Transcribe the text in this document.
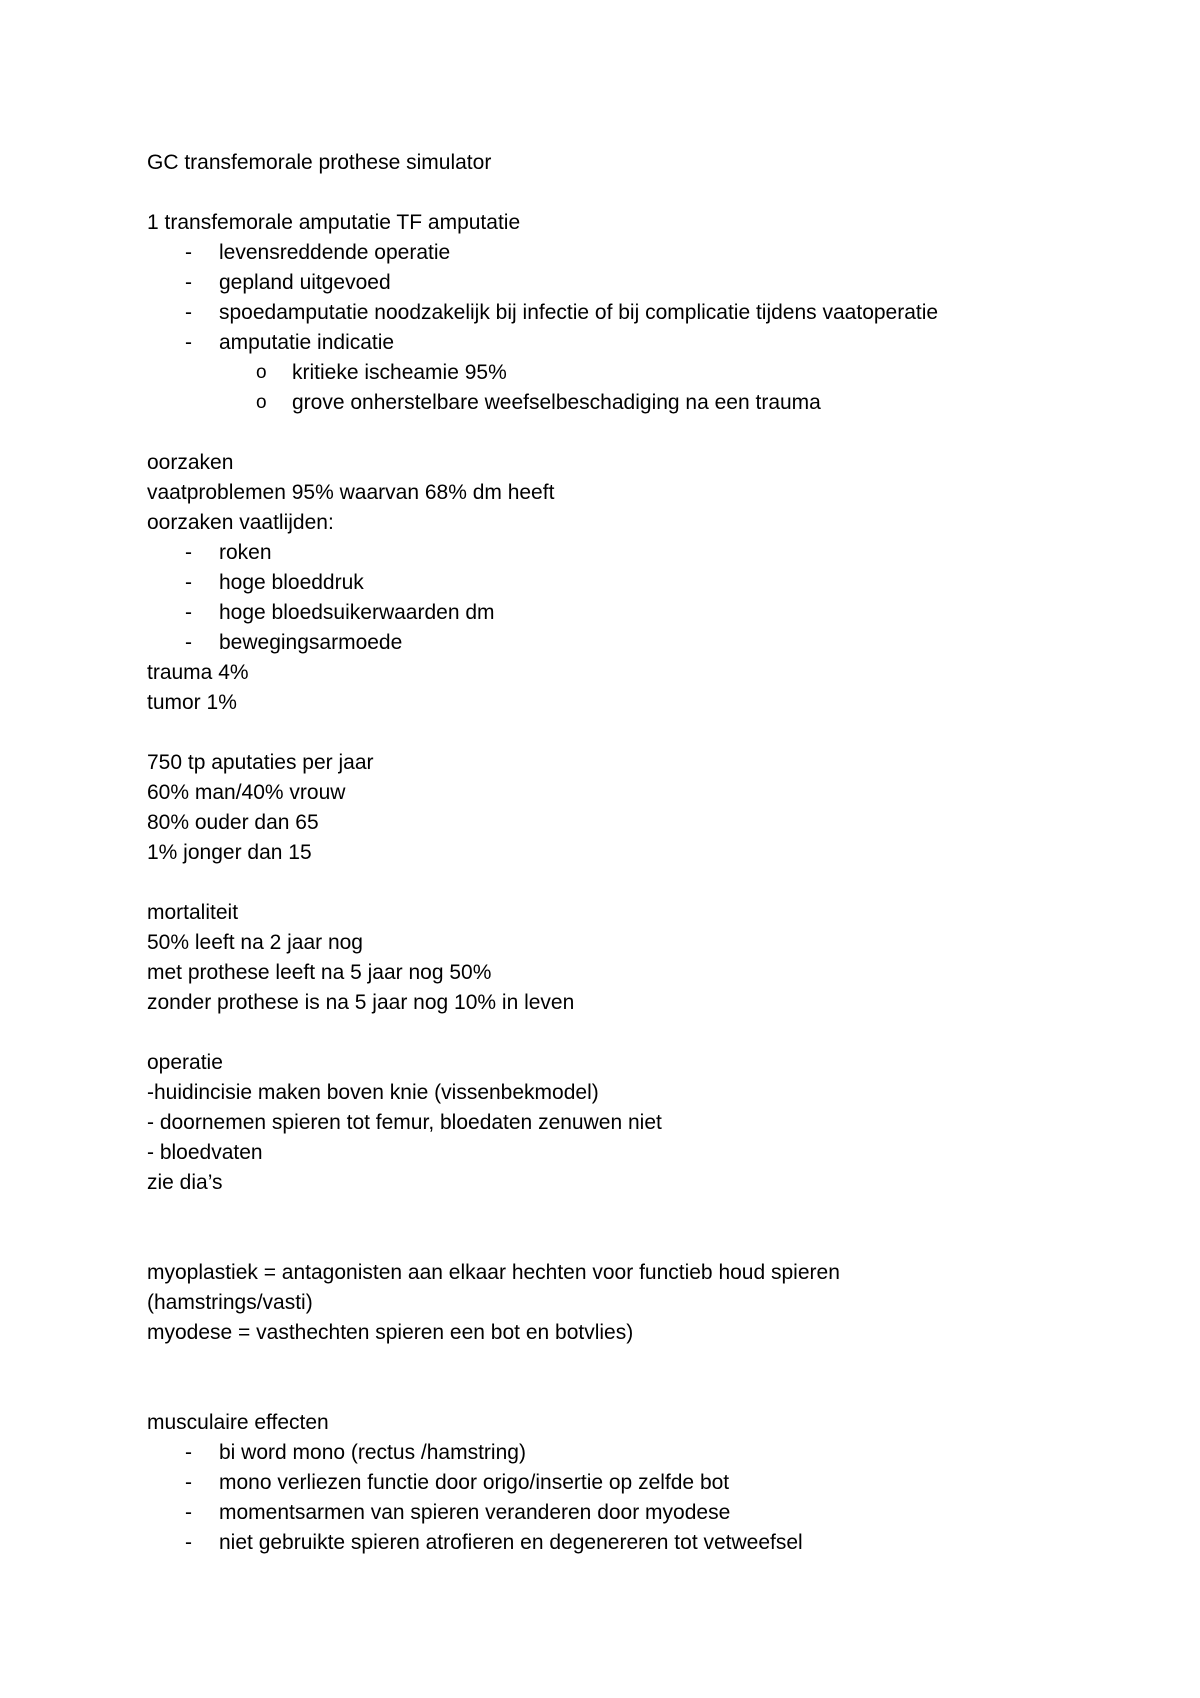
GC transfemorale prothese simulator
1 transfemorale amputatie TF amputatie
- levensreddende operatie
- gepland uitgevoed
- spoedamputatie noodzakelijk bij infectie of bij complicatie tijdens vaatoperatie
- amputatie indicatie
o kritieke ischeamie 95%
o grove onherstelbare weefselbeschadiging na een trauma
oorzaken
vaatproblemen 95% waarvan 68% dm heeft
oorzaken vaatlijden:
- roken
- hoge bloeddruk
- hoge bloedsuikerwaarden dm
- bewegingsarmoede
trauma 4%
tumor 1%
750 tp aputaties per jaar
60% man/40% vrouw
80% ouder dan 65
1% jonger dan 15
mortaliteit
50% leeft na 2 jaar nog
met prothese leeft na 5 jaar nog 50%
zonder prothese is na 5 jaar nog 10% in leven
operatie
-huidincisie maken boven knie (vissenbekmodel)
- doornemen spieren tot femur, bloedaten zenuwen niet
- bloedvaten
zie dia’s
myoplastiek = antagonisten aan elkaar hechten voor functieb houd spieren
(hamstrings/vasti)
myodese = vasthechten spieren een bot en botvlies)
musculaire effecten
- bi word mono (rectus /hamstring)
- mono verliezen functie door origo/insertie op zelfde bot
- momentsarmen van spieren veranderen door myodese
- niet gebruikte spieren atrofieren en degenereren tot vetweefsel
